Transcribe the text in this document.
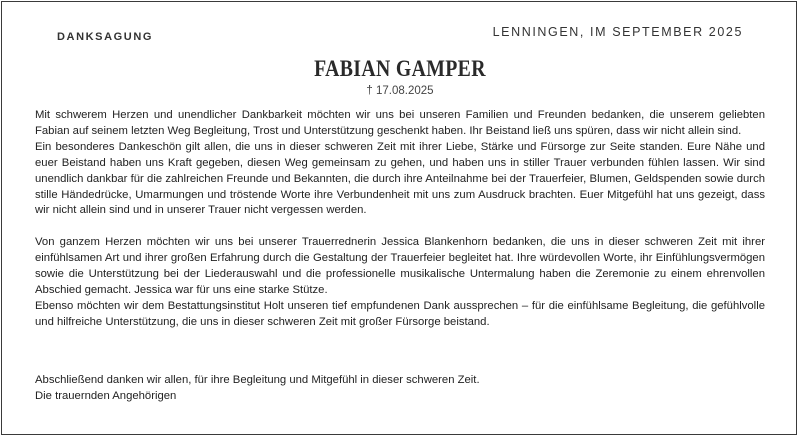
DANKSAGUNG	LENNINGEN, IM SEPTEMBER 2025

FABIAN GAMPER

† 17.08.2025

Mit schwerem Herzen und unendlicher Dankbarkeit möchten wir uns bei unseren Familien und Freunden bedanken, die unserem geliebten Fabian auf seinem letzten Weg Begleitung, Trost und Unterstützung geschenkt haben. Ihr Beistand ließ uns spüren, dass wir nicht allein sind.

Ein besonderes Dankeschön gilt allen, die uns in dieser schweren Zeit mit ihrer Liebe, Stärke und Fürsorge zur Seite standen. Eure Nähe und euer Beistand haben uns Kraft gegeben, diesen Weg gemeinsam zu gehen, und haben uns in stiller Trauer verbunden fühlen lassen. Wir sind unendlich dankbar für die zahlreichen Freunde und Bekannten, die durch ihre Anteilnahme bei der Trauerfeier, Blumen, Geldspenden sowie durch stille Händedrücke, Umarmungen und tröstende Worte ihre Verbundenheit mit uns zum Ausdruck brachten. Euer Mitgefühl hat uns gezeigt, dass wir nicht allein sind und in unserer Trauer nicht vergessen werden.

Von ganzem Herzen möchten wir uns bei unserer Trauerrednerin Jessica Blankenhorn bedanken, die uns in dieser schweren Zeit mit ihrer einfühlsamen Art und ihrer großen Erfahrung durch die Gestaltung der Trauerfeier begleitet hat. Ihre würdevollen Worte, ihr Einfühlungsvermögen sowie die Unterstützung bei der Liederauswahl und die professionelle musikalische Untermalung haben die Zeremonie zu einem ehrenvollen Abschied gemacht. Jessica war für uns eine starke Stütze.

Ebenso möchten wir dem Bestattungsinstitut Holt unseren tief empfundenen Dank aussprechen – für die einfühlsame Begleitung, die gefühlvolle und hilfreiche Unterstützung, die uns in dieser schweren Zeit mit großer Fürsorge beistand.

Abschließend danken wir allen, für ihre Begleitung und Mitgefühl in dieser schweren Zeit.

Die trauernden Angehörigen
